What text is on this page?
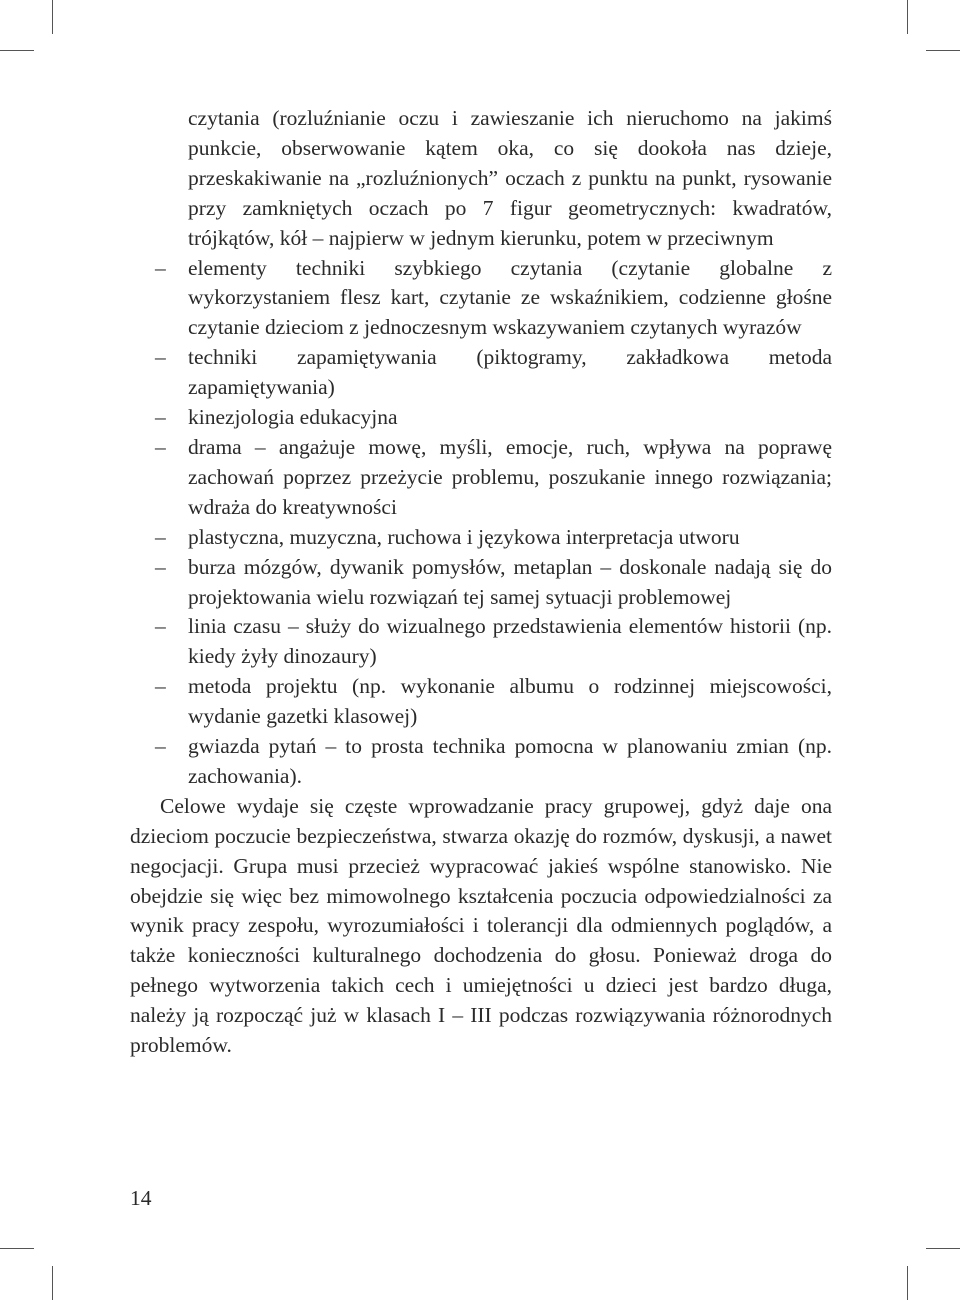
czytania (rozluźnianie oczu i zawieszanie ich nieruchomo na jakimś punkcie, obserwowanie kątem oka, co się dookoła nas dzieje, przeskakiwanie na „rozluźnionych” oczach z punktu na punkt, rysowanie przy zamkniętych oczach po 7 figur geometrycznych: kwadratów, trójkątów, kół – najpierw w jednym kierunku, potem w przeciwnym
– elementy techniki szybkiego czytania (czytanie globalne z wykorzystaniem flesz kart, czytanie ze wskaźnikiem, codzienne głośne czytanie dzieciom z jednoczesnym wskazywaniem czytanych wyrazów
– techniki zapamiętywania (piktogramy, zakładkowa metoda zapamiętywania)
– kinezjologia edukacyjna
– drama – angażuje mowę, myśli, emocje, ruch, wpływa na poprawę zachowań poprzez przeżycie problemu, poszukanie innego rozwiązania; wdraża do kreatywności
– plastyczna, muzyczna, ruchowa i językowa interpretacja utworu
– burza mózgów, dywanik pomysłów, metaplan – doskonale nadają się do projektowania wielu rozwiązań tej samej sytuacji problemowej
– linia czasu – służy do wizualnego przedstawienia elementów historii (np. kiedy żyły dinozaury)
– metoda projektu (np. wykonanie albumu o rodzinnej miejscowości, wydanie gazetki klasowej)
– gwiazda pytań – to prosta technika pomocna w planowaniu zmian (np. zachowania).

Celowe wydaje się częste wprowadzanie pracy grupowej, gdyż daje ona dzieciom poczucie bezpieczeństwa, stwarza okazję do rozmów, dyskusji, a nawet negocjacji. Grupa musi przecież wypracować jakieś wspólne stanowisko. Nie obejdzie się więc bez mimowolnego kształcenia poczucia odpowiedzialności za wynik pracy zespołu, wyrozumiałości i tolerancji dla odmiennych poglądów, a także konieczności kulturalnego dochodzenia do głosu. Ponieważ droga do pełnego wytworzenia takich cech i umiejętności u dzieci jest bardzo długa, należy ją rozpocząć już w klasach I – III podczas rozwiązywania różnorodnych problemów.

14
